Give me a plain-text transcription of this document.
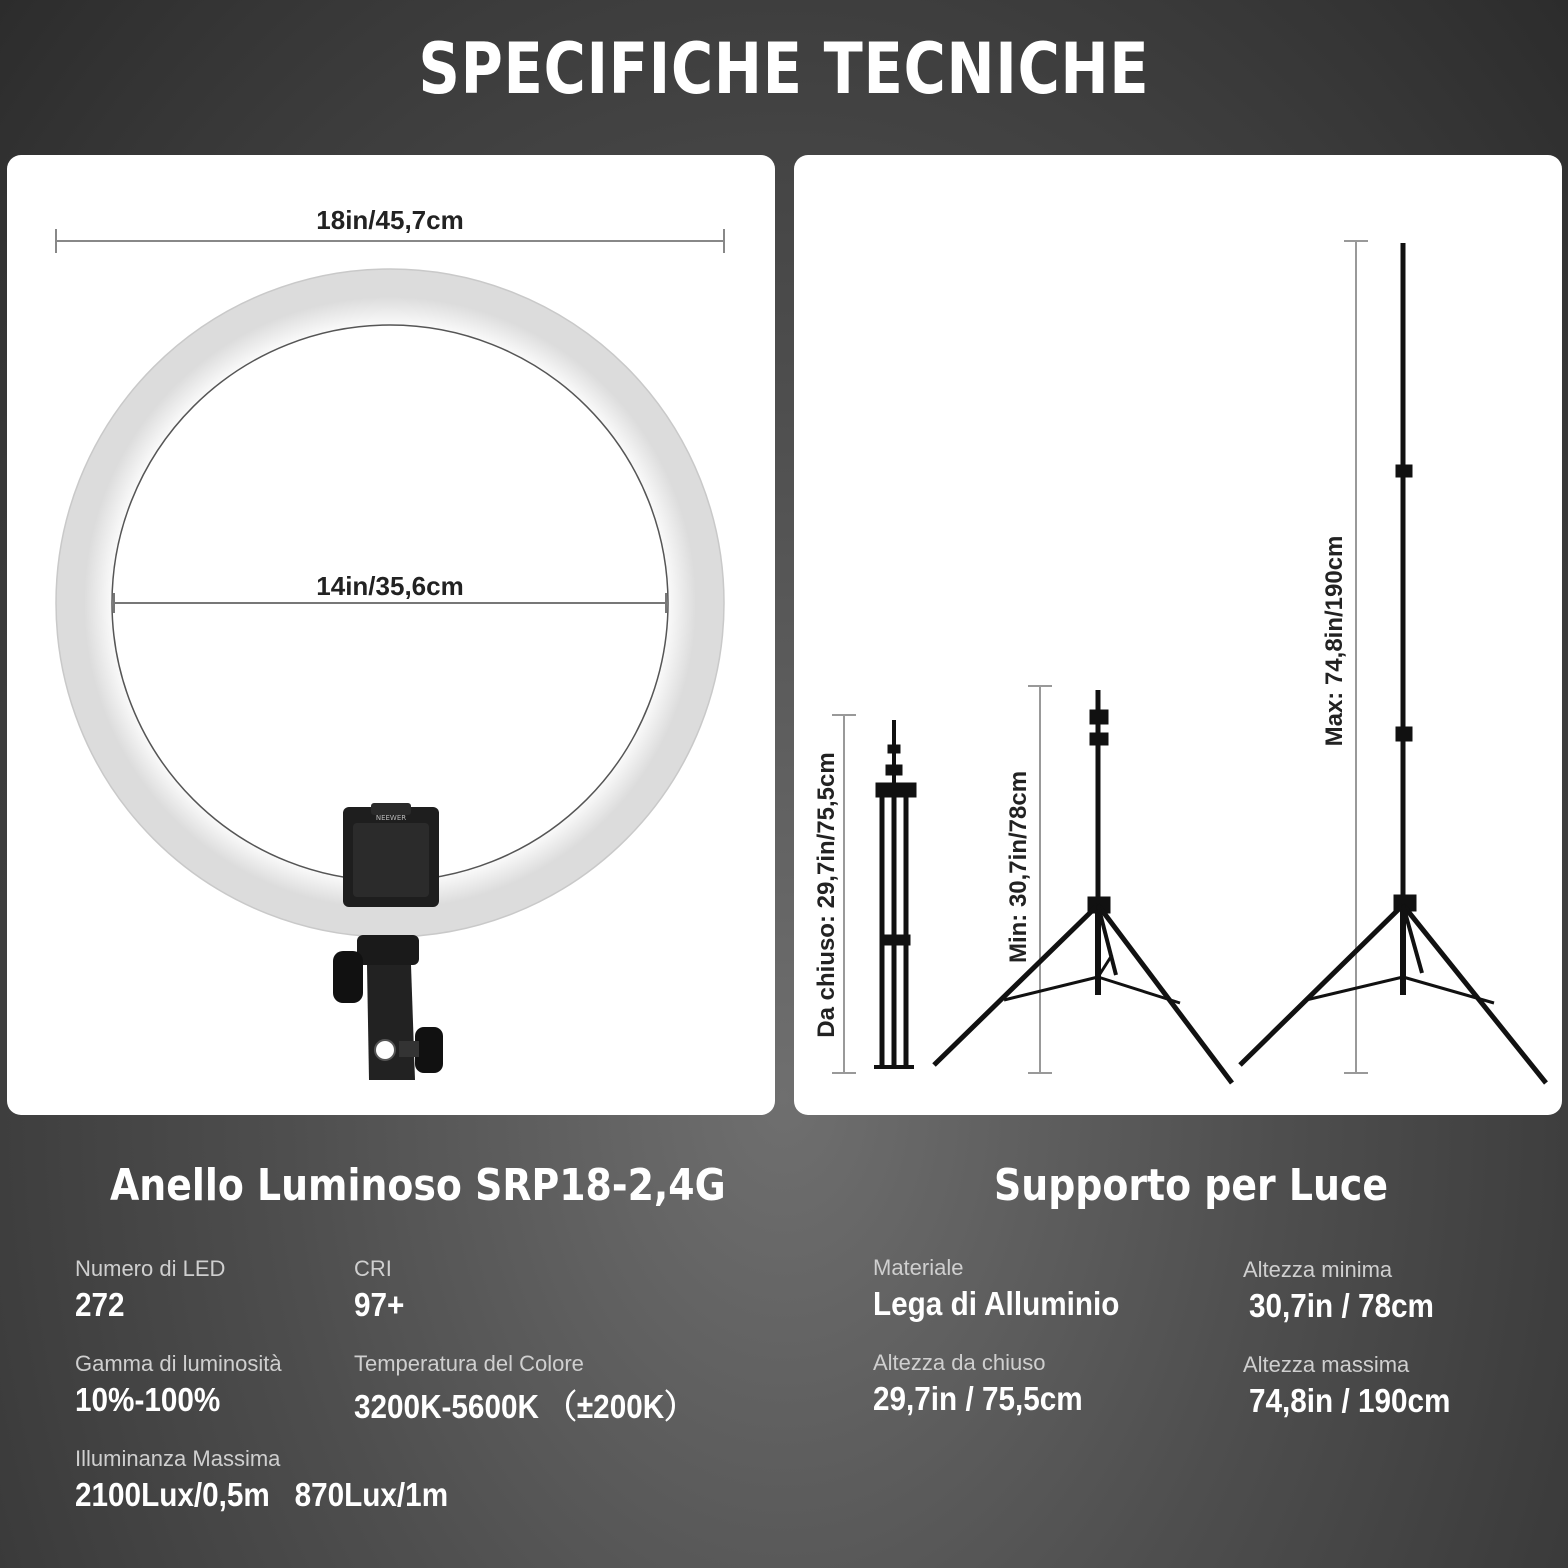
SPECIFICHE TECNICHE
18in/45,7cm
14in/35,6cm
NEEWER	Da chiuso: 29,7in/75,5cm	Min: 30,7in/78cm
Max: 74,8in/190cm
Anello Luminoso SRP18-2,4G
Numero di LED
272
CRI
97+
Gamma di luminosità
10%-100%
Temperatura del Colore
3200K-5600K （±200K）
Illuminanza Massima
2100Lux/0,5m   870Lux/1m
Supporto per Luce
Materiale
Lega di Alluminio
Altezza minima
30,7in / 78cm
Altezza da chiuso
29,7in / 75,5cm
Altezza massima
74,8in / 190cm
